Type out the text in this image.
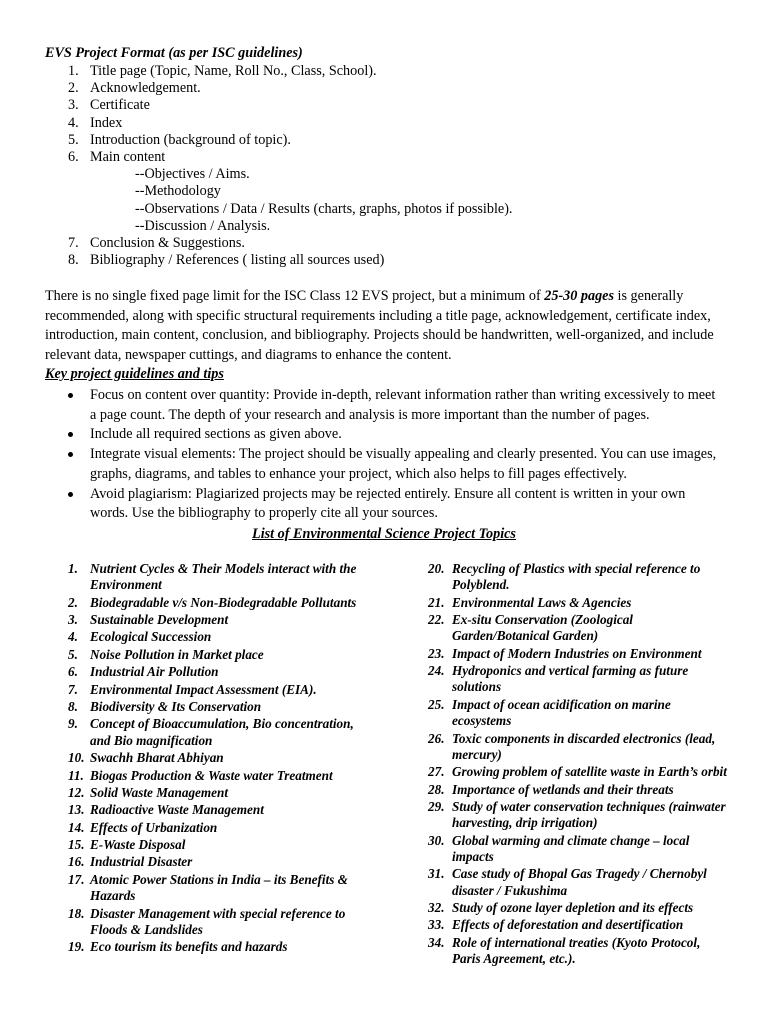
EVS Project Format (as per ISC guidelines)

1. Title page (Topic, Name, Roll No., Class, School).
2. Acknowledgement.
3. Certificate
4. Index
5. Introduction (background of topic).
6. Main content
--Objectives / Aims.
--Methodology
--Observations / Data / Results (charts, graphs, photos if possible).
--Discussion / Analysis.
7. Conclusion & Suggestions.
8. Bibliography / References ( listing all sources used)

There is no single fixed page limit for the ISC Class 12 EVS project, but a minimum of 25-30 pages is generally recommended, along with specific structural requirements including a title page, acknowledgement, certificate index, introduction, main content, conclusion, and bibliography. Projects should be handwritten, well-organized, and include relevant data, newspaper cuttings, and diagrams to enhance the content.

Key project guidelines and tips

Focus on content over quantity: Provide in-depth, relevant information rather than writing excessively to meet a page count. The depth of your research and analysis is more important than the number of pages.
Include all required sections as given above.
Integrate visual elements: The project should be visually appealing and clearly presented. You can use images, graphs, diagrams, and tables to enhance your project, which also helps to fill pages effectively.
Avoid plagiarism: Plagiarized projects may be rejected entirely. Ensure all content is written in your own words. Use the bibliography to properly cite all your sources.

List of Environmental Science Project Topics

1. Nutrient Cycles & Their Models interact with the Environment
2. Biodegradable v/s Non-Biodegradable Pollutants
3. Sustainable Development
4. Ecological Succession
5. Noise Pollution in Market place
6. Industrial Air Pollution
7. Environmental Impact Assessment (EIA).
8. Biodiversity & Its Conservation
9. Concept of Bioaccumulation, Bio concentration, and Bio magnification
10. Swachh Bharat Abhiyan
11. Biogas Production & Waste water Treatment
12. Solid Waste Management
13. Radioactive Waste Management
14. Effects of Urbanization
15. E-Waste Disposal
16. Industrial Disaster
17. Atomic Power Stations in India – its Benefits & Hazards
18. Disaster Management with special reference to Floods & Landslides
19. Eco tourism its benefits and hazards
20. Recycling of Plastics with special reference to Polyblend.
21. Environmental Laws & Agencies
22. Ex-situ Conservation (Zoological Garden/Botanical Garden)
23. Impact of Modern Industries on Environment
24. Hydroponics and vertical farming as future solutions
25. Impact of ocean acidification on marine ecosystems
26. Toxic components in discarded electronics (lead, mercury)
27. Growing problem of satellite waste in Earth’s orbit
28. Importance of wetlands and their threats
29. Study of water conservation techniques (rainwater harvesting, drip irrigation)
30. Global warming and climate change – local impacts
31. Case study of Bhopal Gas Tragedy / Chernobyl disaster / Fukushima
32. Study of ozone layer depletion and its effects
33. Effects of deforestation and desertification
34. Role of international treaties (Kyoto Protocol, Paris Agreement, etc.).
